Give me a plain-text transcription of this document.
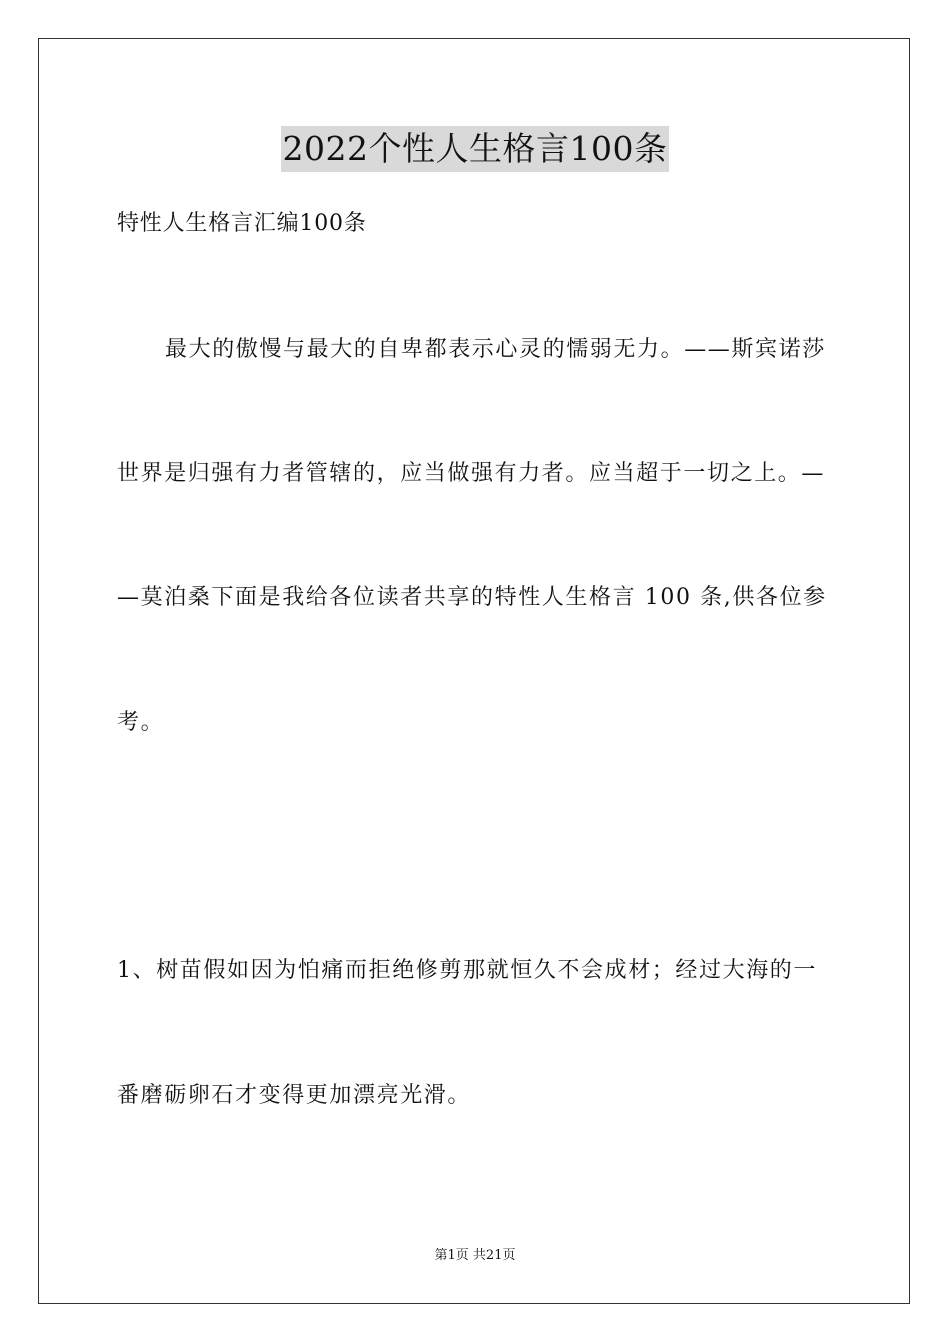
2022个性人生格言100条
特性人生格言汇编100条
最大的傲慢与最大的自卑都表示心灵的懦弱无力。——斯宾诺莎
世界是归强有力者管辖的，应当做强有力者。应当超于一切之上。—
—莫泊桑下面是我给各位读者共享的特性人生格言 100 条,供各位参
考。
1、树苗假如因为怕痛而拒绝修剪那就恒久不会成材；经过大海的一
番磨砺卵石才变得更加漂亮光滑。
第1页 共21页
